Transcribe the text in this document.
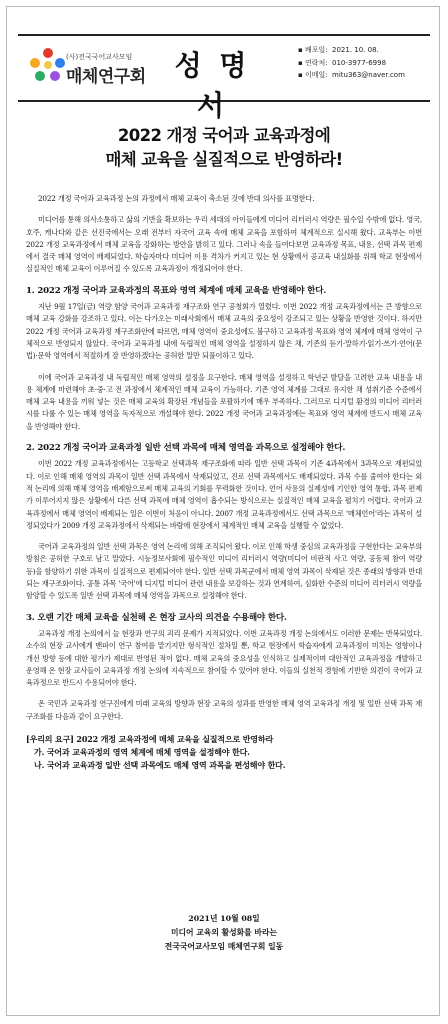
(사)전국국어교사모임
매체연구회	성 명 서
▪ 배포일: 2021. 10. 08.
▪ 연락처: 010-3977-6998
▪ 이메일: mitu363@naver.com
2022 개정 국어과 교육과정에
매체 교육을 실질적으로 반영하라!

2022 개정 국어과 교육과정 논의 과정에서 매체 교육이 축소된 것에 반대 의사를 표명한다.

미디어를 통해 의사소통하고 삶의 기반을 확보하는 우리 세대의 아이들에게 미디어 리터러시 역량은 필수일 수밖에 없다. 영국, 호주, 캐나다와 같은 선진국에서는 오래 전부터 자국어 교육 속에 매체 교육을 포함하여 체계적으로 실시해 왔다. 교육부는 이번 2022 개정 교육과정에서 매체 교육을 강화하는 방안을 밝히고 있다. 그러나 속을 들여다보면 교육과정 목표, 내용, 선택 과목 편제에서 결국 매체 영역이 배제되었다. 학습자마다 미디어 이용 격차가 커지고 있는 현 상황에서 공교육 내실화를 위해 학교 현장에서 실질적인 매체 교육이 이루어질 수 있도록 교육과정이 개정되어야 한다.

1. 2022 개정 국어과 교육과정의 목표와 영역 체계에 매체 교육을 반영해야 한다.

지난 9월 17일(금) 역량 함양 국어과 교육과정 재구조화 연구 공청회가 열렸다. 이번 2022 개정 교육과정에서는 큰 방향으로 매체 교육 강화를 강조하고 있다. 이는 다가오는 미래사회에서 매체 교육의 중요성이 강조되고 있는 상황을 반영한 것이다. 하지만 2022 개정 국어과 교육과정 재구조화안에 따르면, 매체 영역이 중요성에도 불구하고 교육과정 목표와 영역 체계에 매체 영역이 구체적으로 반영되지 않았다. 국어과 교육과정 내에 독립적인 매체 영역을 설정하지 않은 채, 기존의 듣기·말하기·읽기·쓰기·언어(문법)·문학 영역에서 적절하게 잘 반영하겠다는 공허한 말만 되풀이하고 있다.

이에 국어과 교육과정 내 독립적인 매체 영역의 설정을 요구한다. 매체 영역을 설정하고 학년군 발달을 고려한 교육 내용을 내용 체계에 마련해야 초·중·고 전 과정에서 체계적인 매체 교육이 가능하다. 기존 영역 체계를 그대로 유지한 채 성취기준 수준에서 매체 교육 내용을 끼워 넣는 것은 매체 교육의 확장된 개념들을 포괄하기에 매우 부족하다. 그러므로 디지털 환경의 미디어 리터러시를 다룰 수 있는 매체 영역을 독자적으로 개설해야 한다. 2022 개정 국어과 교육과정에는 목표와 영역 체계에 반드시 매체 교육을 반영해야 한다.

2. 2022 개정 국어과 교육과정 일반 선택 과목에 매체 영역을 과목으로 설정해야 한다.

이번 2022 개정 교육과정에서는 고등학교 선택과목 재구조화에 따라 일반 선택 과목이 기존 4과목에서 3과목으로 재편되었다. 이로 인해 매체 영역의 과목이 일반 선택 과목에서 삭제되었고, 진로 선택 과목에서도 배제되었다. 과목 수를 줄여야 한다는 외적 논리에 의해 매체 영역을 배제함으로써 매체 교육의 기회를 무력화한 것이다. 언어 사용의 실제성에 기인한 영역 통합, 과목 편제가 이루어지지 않은 상황에서 다른 선택 과목에 매체 영역이 흡수되는 방식으로는 실질적인 매체 교육을 펼치기 어렵다. 국어과 교육과정에서 매체 영역이 배제되는 일은 이번이 처음이 아니다. 2007 개정 교육과정에서도 선택 과목으로 '매체언어'라는 과목이 설정되었다가 2009 개정 교육과정에서 삭제되는 바람에 현장에서 체계적인 매체 교육을 실행할 수 없었다.

국어과 교육과정의 일반 선택 과목은 영역 논리에 의해 조직되어 왔다. 이로 인해 학생 중심의 교육과정을 구현한다는 교육부의 방침은 공허한 구호로 남고 말았다. 시능정보사회에 필수적인 미디어 리터러시 역량(미디어 비판적 사고 역량, 공동체 참여 역량 등)을 함양하기 위한 과목이 실질적으로 편제되어야 한다. 일반 선택 과목군에서 매체 영역 과목이 삭제된 것은 종래의 방향과 반대되는 재구조화이다. 공통 과목 '국어'에 디지털 미디어 관련 내용을 보강하는 것과 연계하여, 심화한 수준의 미디어 리터러시 역량을 함양할 수 있도록 일반 선택 과목에 매체 영역을 과목으로 설정해야 한다.

3. 오랜 기간 매체 교육을 실천해 온 현장 교사의 의견을 수용해야 한다.

교육과정 개정 논의에서 늘 현장과 연구의 괴리 문제가 지적되었다. 이번 교육과정 개정 논의에서도 이러한 문제는 반복되었다. 소수의 현장 교사에게 맨파이 연구 참여를 맡기지만 형식적인 절차일 뿐, 학교 현장에서 학습자에게 교육과정이 미치는 영향이나 개선 방향 등에 대한 평가가 제대로 반영된 적이 없다. 매체 교육의 중요성을 인식하고 실제적이며 대안적인 교육과정을 개발하고 운영해 온 현장 교사들이 교육과정 개정 논의에 지속적으로 참여할 수 있어야 한다. 이들의 실천적 경험에 기반한 의견이 국어과 교육과정으로 반드시 수용되어야 한다.

온 국민과 교육과정 연구진에게 미래 교육의 방향과 현장 교육의 성과를 반영한 매체 영역 교육과정 개정 및 일반 선택 과목 재구조화를 다음과 같이 요구한다.

[우리의 요구] 2022 개정 교육과정에 매체 교육을 실질적으로 반영하라
가. 국어과 교육과정의 영역 체계에 매체 영역을 설정해야 한다.
나. 국어과 교육과정 일반 선택 과목에도 매체 영역 과목을 편성해야 한다.
2021년 10월 08일
미디어 교육의 활성화를 바라는
전국국어교사모임 매체연구회 일동
